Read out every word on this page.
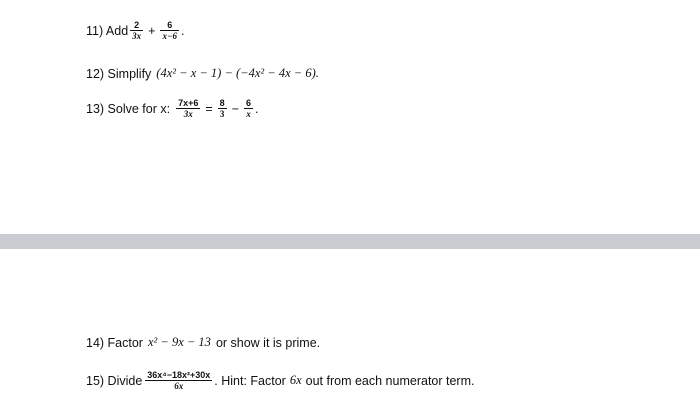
11) Add $\frac{2}{3x} + \frac{6}{x-6}$ .
12) Simplify (4x² − x − 1) − (−4x² − 4x − 6).
13) Solve for x: $\frac{7x+6}{3x} = \frac{8}{3} - \frac{6}{x}$ .
14) Factor x² − 9x − 13 or show it is prime.
15) Divide $\frac{\text{36x⁴−18x²+30x}}{6x}$ . Hint: Factor 6x out from each numerator term.
